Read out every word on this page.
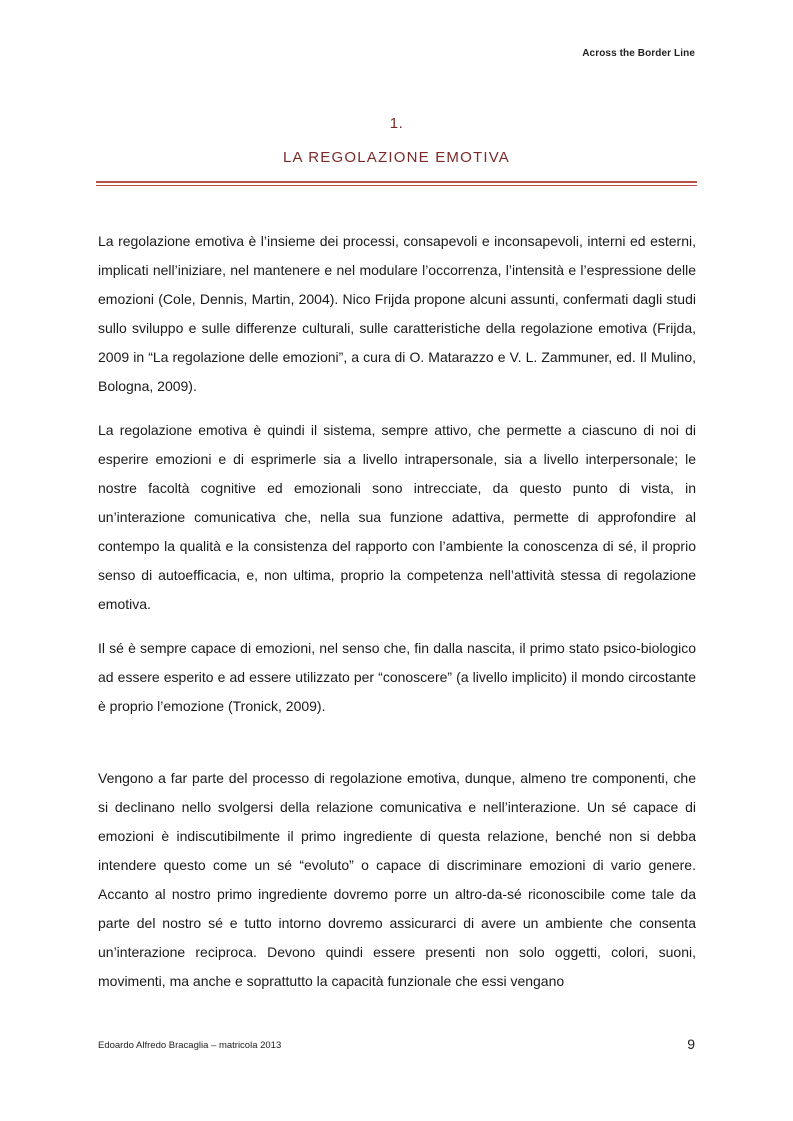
Across the Border Line
1.
LA REGOLAZIONE EMOTIVA

La regolazione emotiva è l’insieme dei processi, consapevoli e inconsapevoli, interni ed esterni, implicati nell’iniziare, nel mantenere e nel modulare l’occorrenza, l’intensità e l’espressione delle emozioni (Cole, Dennis, Martin, 2004). Nico Frijda propone alcuni assunti, confermati dagli studi sullo sviluppo e sulle differenze culturali, sulle caratteristiche della regolazione emotiva (Frijda, 2009 in “La regolazione delle emozioni”, a cura di O. Matarazzo e V. L. Zammuner, ed. Il Mulino, Bologna, 2009).

La regolazione emotiva è quindi il sistema, sempre attivo, che permette a ciascuno di noi di esperire emozioni e di esprimerle sia a livello intrapersonale, sia a livello interpersonale; le nostre facoltà cognitive ed emozionali sono intrecciate, da questo punto di vista, in un’interazione comunicativa che, nella sua funzione adattiva, permette di approfondire al contempo la qualità e la consistenza del rapporto con l’ambiente la conoscenza di sé, il proprio senso di autoefficacia, e, non ultima, proprio la competenza nell’attività stessa di regolazione emotiva.

Il sé è sempre capace di emozioni, nel senso che, fin dalla nascita, il primo stato psico-biologico ad essere esperito e ad essere utilizzato per “conoscere” (a livello implicito) il mondo circostante è proprio l’emozione (Tronick, 2009).

Vengono a far parte del processo di regolazione emotiva, dunque, almeno tre componenti, che si declinano nello svolgersi della relazione comunicativa e nell’interazione. Un sé capace di emozioni è indiscutibilmente il primo ingrediente di questa relazione, benché non si debba intendere questo come un sé “evoluto” o capace di discriminare emozioni di vario genere. Accanto al nostro primo ingrediente dovremo porre un altro-da-sé riconoscibile come tale da parte del nostro sé e tutto intorno dovremo assicurarci di avere un ambiente che consenta un’interazione reciproca. Devono quindi essere presenti non solo oggetti, colori, suoni, movimenti, ma anche e soprattutto la capacità funzionale che essi vengano

Edoardo Alfredo Bracaglia – matricola 2013	9
